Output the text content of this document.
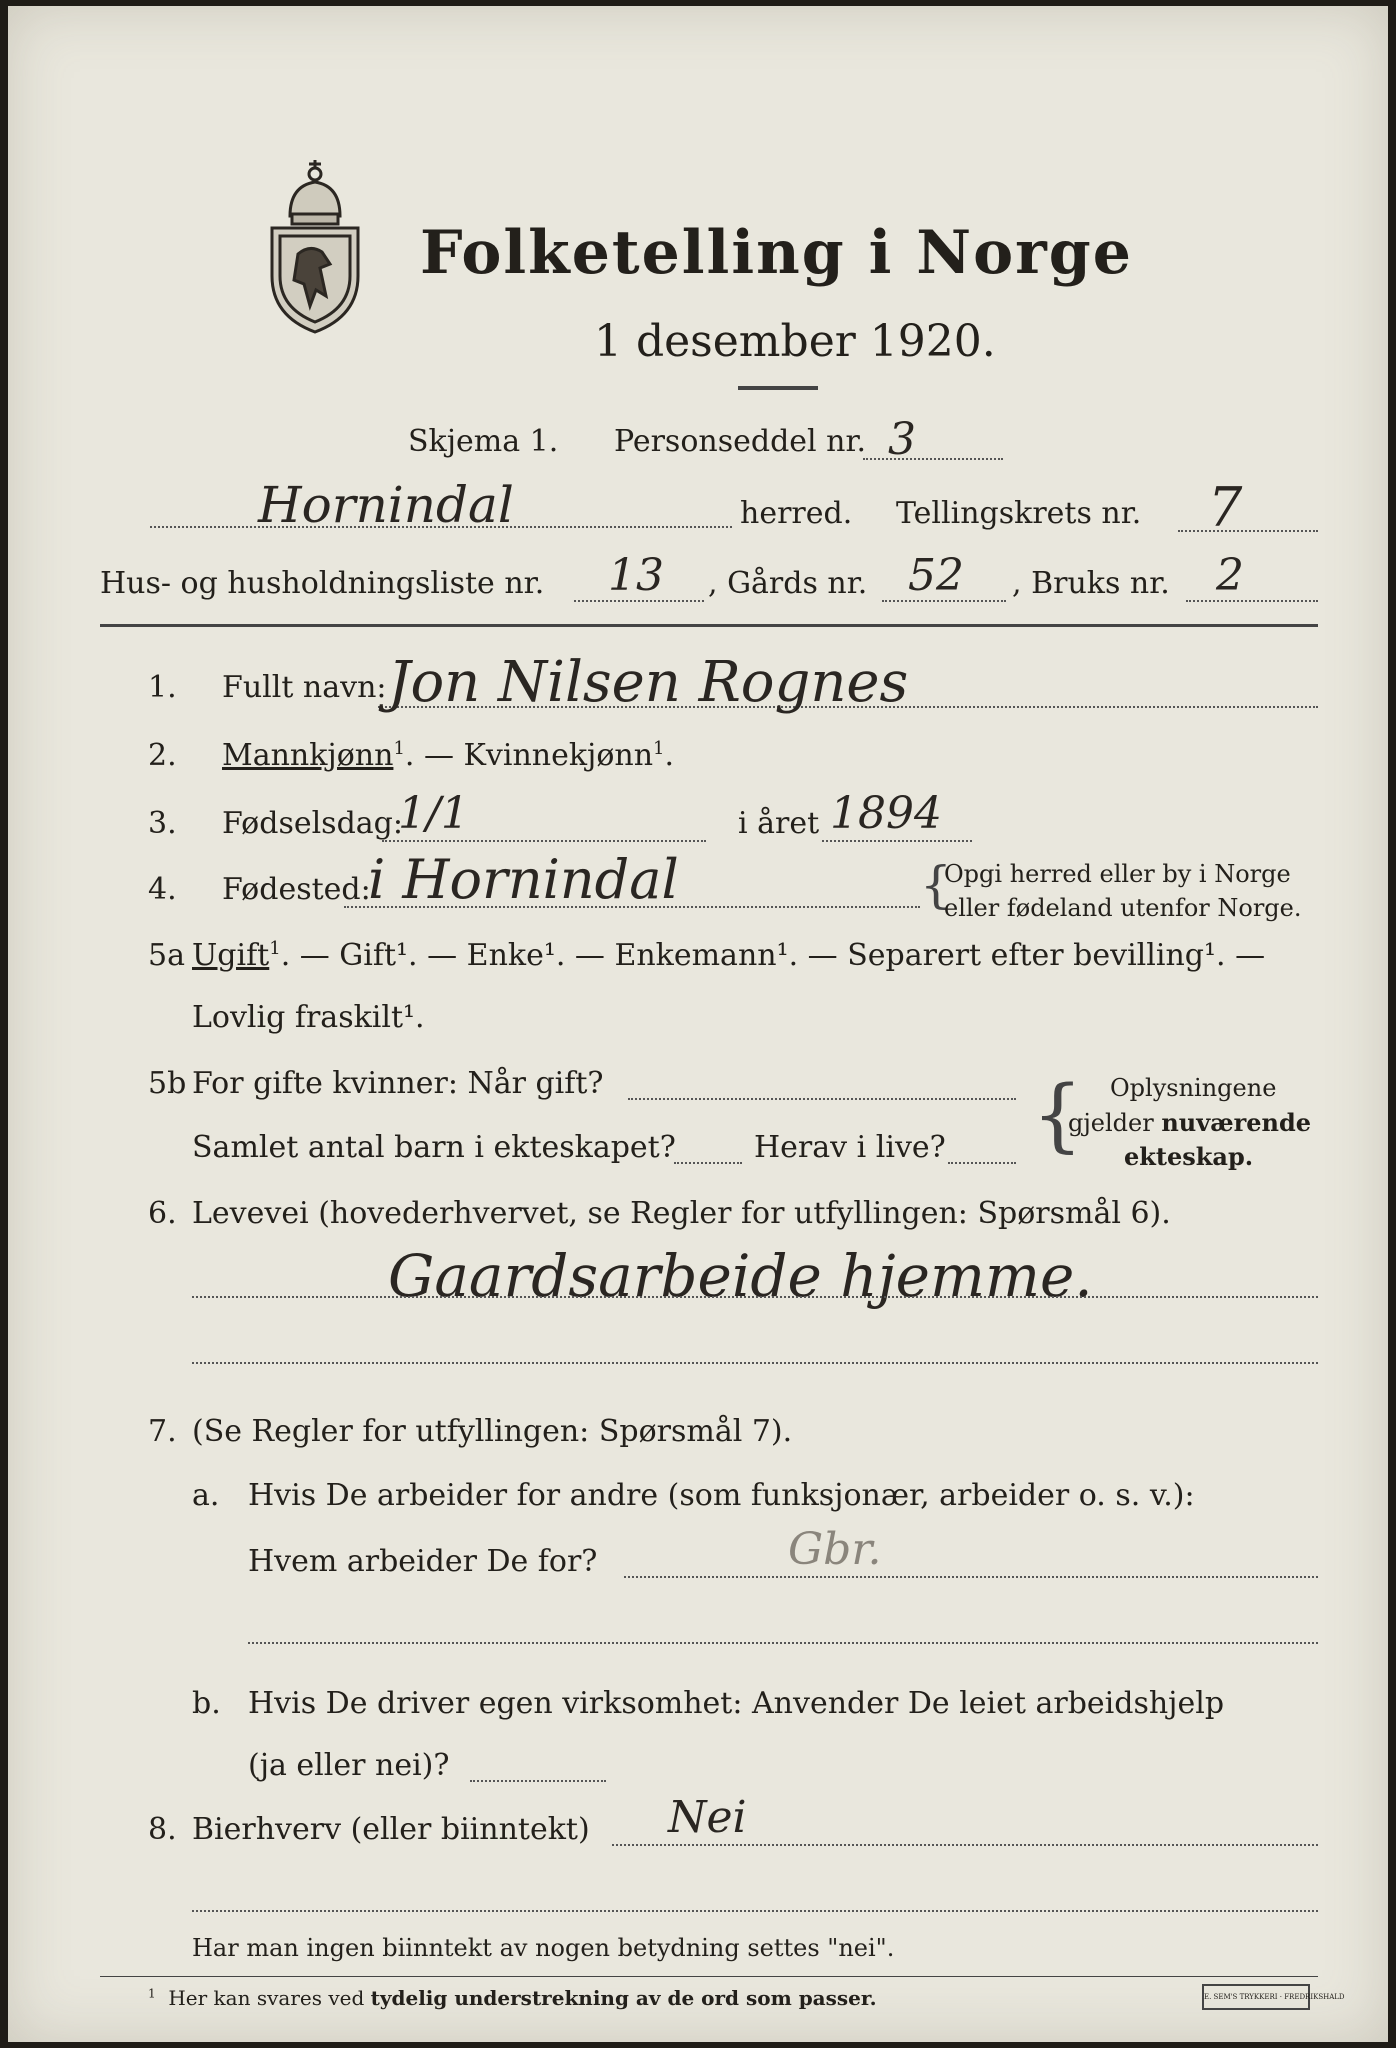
Folketelling i Norge
1 desember 1920.
Skjema 1. Personseddel nr. 3
Hornindal	herred. Tellingskrets nr. 7
Hus- og husholdningsliste nr. 13 , Gårds nr. 52 , Bruks nr. 2
1. Fullt navn: Jon Nilsen Rognes
2. Mannkjønn$^1$. — Kvinnekjønn$^1$.
3. Fødselsdag:
1/1	i året 1894
4. Fødested:
i Hornindal	{
Opgi herred eller by i Norge
eller fødeland utenfor Norge.
5a Ugift$^1$. — Gift¹. — Enke¹. — Enkemann¹. — Separert efter bevilling¹. —
Lovlig fraskilt¹.
5b For gifte kvinner: Når gift?
Samlet antal barn i ekteskapet?	Herav i live? { Oplysningene
gjelder nuværende
ekteskap.
6. Levevei (hovederhvervet, se Regler for utfyllingen: Spørsmål 6).
Gaardsarbeide hjemme.
7. (Se Regler for utfyllingen: Spørsmål 7).
a. Hvis De arbeider for andre (som funksjonær, arbeider o. s. v.):
Hvem arbeider De for?	Gbr.
b. Hvis De driver egen virksomhet: Anvender De leiet arbeidshjelp
(ja eller nei)?
8. Bierhverv (eller biinntekt) Nei
Har man ingen biinntekt av nogen betydning settes "nei".
$^1$ Her kan svares ved tydelig understrekning av de ord som passer.	E. SEM'S TRYKKERI · FREDRIKSHALD
